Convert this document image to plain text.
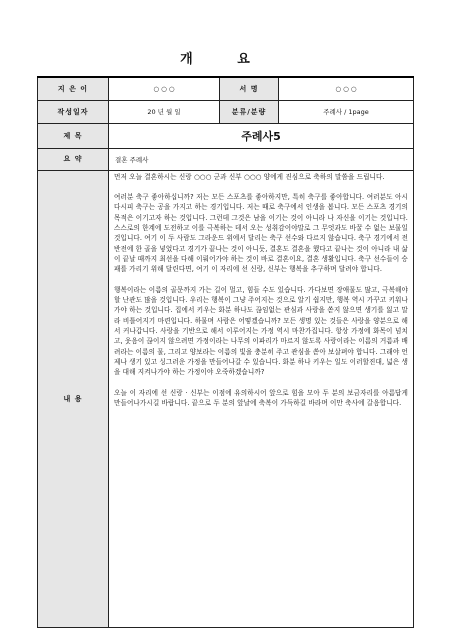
개 요
지 은 이	○ ○ ○	서 명	○ ○ ○
작성일자	20 년 월 일	분류/분량	주례사 / 1page
제 목	주례사5		
요 약	결혼 주례사		
내 용	먼저 오늘 결혼하시는 신랑 ○○○ 군과 신부 ○○○ 양에게 진심으로 축하의 말씀을 드립니다.

여러분 축구 좋아하십니까? 저는 모든 스포츠를 좋아하지만, 특히 축구를 좋아합니다. 여러분도 아시다시피 축구는 공을 가지고 하는 경기입니다. 저는 때로 축구에서 인생을 봅니다. 모든 스포츠 경기의 목적은 이기고자 하는 것입니다. 그런데 그것은 남을 이기는 것이 아니라 나 자신을 이기는 것입니다. 스스로의 한계에 도전하고 이를 극복하는 데서 오는 성취감이야말로 그 무엇과도 바꿀 수 없는 보물일 것입니다. 여기 이 두 사람도 그라운드 위에서 달리는 축구 선수와 다르지 않습니다. 축구 경기에서 전반전에 한 골을 넣었다고 경기가 끝나는 것이 아니듯, 결혼도 결혼을 했다고 끝나는 것이 아니라 내 삶이 끝날 때까지 최선을 다해 이뤄어가야 하는 것이 바로 결혼이요, 결혼 생활입니다. 축구 선수들이 승패를 가리기 위해 달린다면, 여기 이 자리에 선 신랑, 신부는 행복을 추구하며 달려야 합니다.

행복이라는 이름의 골문까지 가는 길이 멀고, 힘들 수도 있습니다. 가다보면 장애물도 많고, 극복해야 할 난관도 많을 것입니다. 우리는 행복이 그냥 주어지는 것으로 알기 쉽지만, 행복 역시 가꾸고 키워나가야 하는 것입니다. 집에서 키우는 화분 하나도 끊임없는 관심과 사랑을 쏟지 않으면 생기를 잃고 말라 비틀어지기 마련입니다. 하물며 사람은 어떻겠습니까? 모든 생명 있는 것들은 사랑을 양분으로 해서 커나갑니다. 사랑을 기반으로 해서 이루어지는 가정 역시 마찬가집니다. 항상 가정에 화목이 넘치고, 웃음이 끊이지 않으려면 가정이라는 나무의 이파리가 마르지 않도록 사랑이라는 이름의 거름과 배려라는 이름의 물, 그리고 양보라는 이름의 빛을 충분히 주고 관심을 쏟아 보살펴야 합니다. 그래야 언제나 생기 있고 싱그러운 가정을 만들어나갈 수 있습니다. 화분 하나 키우는 일도 이러할진대, 넓은 생을 대해 지켜나가야 하는 가정이야 오죽하겠습니까?

오늘 이 자리에 선 신랑 · 신부는 이점에 유의하시어 앞으로 힘을 모아 두 분의 보금자리를 아름답게 만들어나가시길 바랍니다. 끝으로 두 분의 앞날에 축복이 가득하길 바라며 이만 축사에 갈음합니다.		
